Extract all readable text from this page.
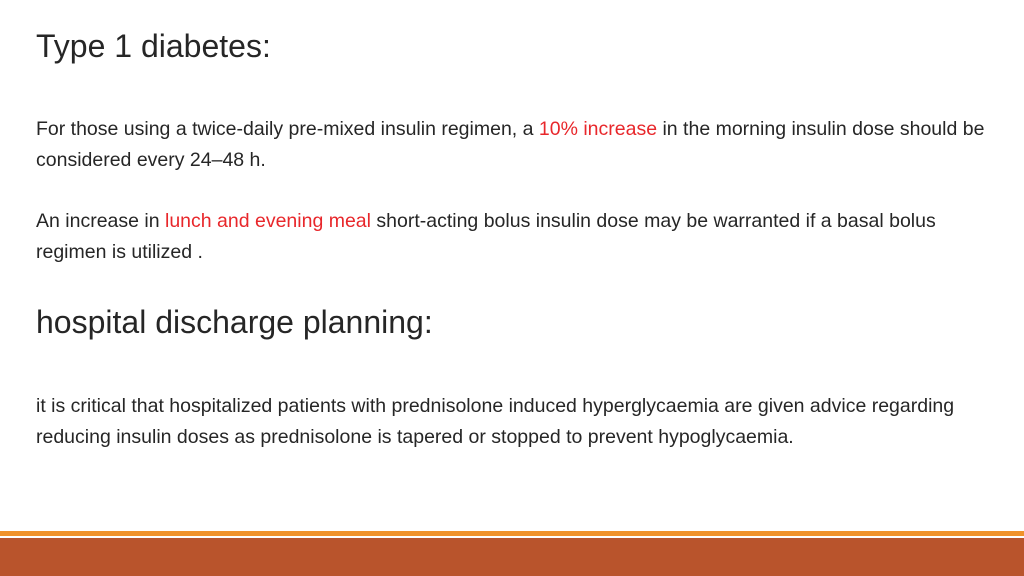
Type 1 diabetes:

For those using a twice-daily pre-mixed insulin regimen, a 10% increase in the morning insulin dose should be considered every 24–48 h.

An increase in lunch and evening meal short-acting bolus insulin dose may be warranted if a basal bolus regimen is utilized .

hospital discharge planning:

it is critical that hospitalized patients with prednisolone induced hyperglycaemia are given advice regarding reducing insulin doses as prednisolone is tapered or stopped to prevent hypoglycaemia.
